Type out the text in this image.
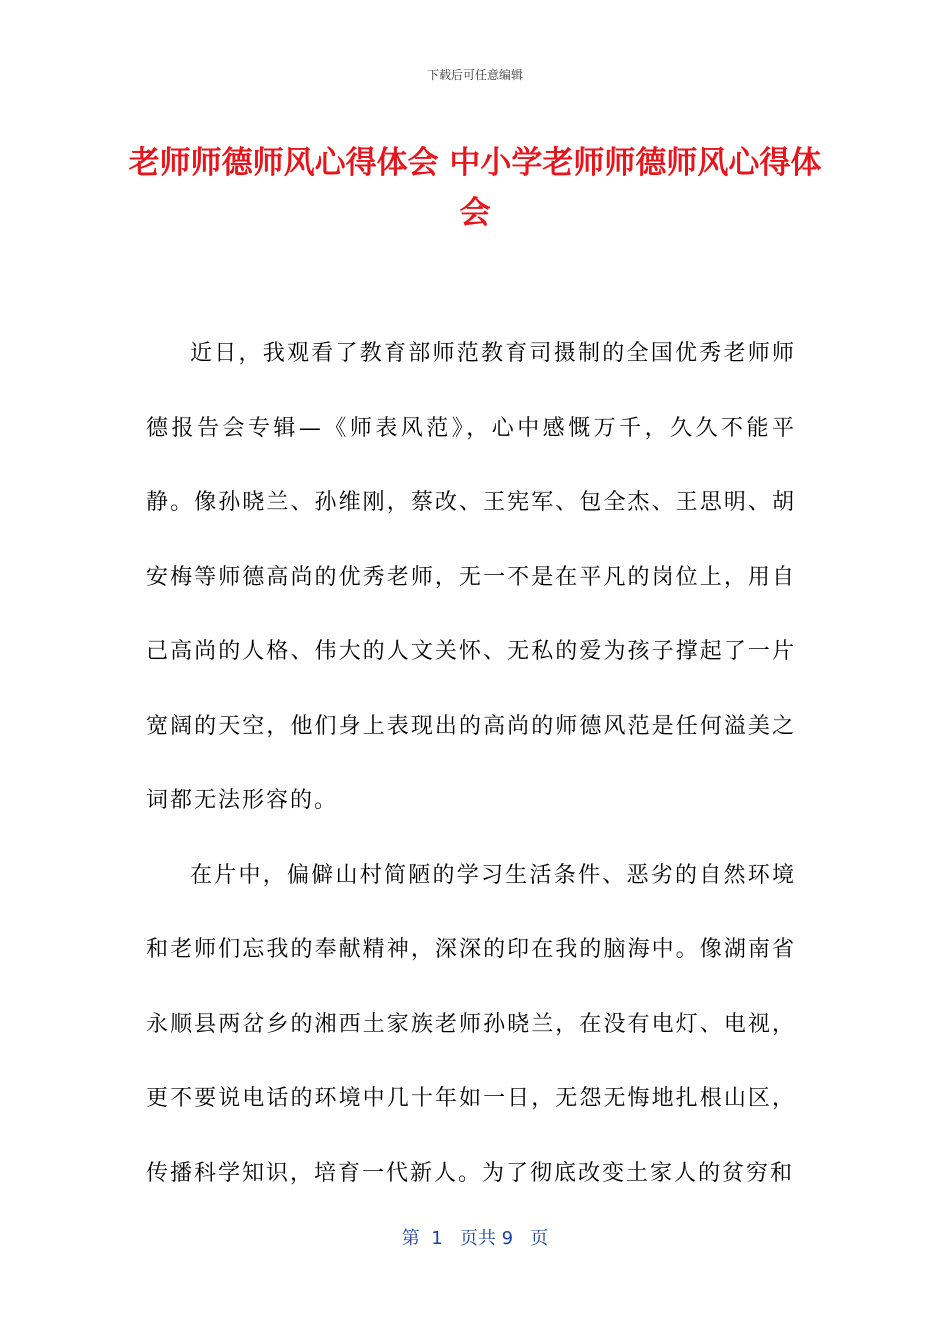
下载后可任意编辑
老师师德师风心得体会 中小学老师师德师风心得体会

近日，我观看了教育部师范教育司摄制的全国优秀老师师德报告会专辑—《师表风范》，心中感慨万千，久久不能平静。像孙晓兰、孙维刚，蔡改、王宪军、包全杰、王思明、胡安梅等师德高尚的优秀老师，无一不是在平凡的岗位上，用自己高尚的人格、伟大的人文关怀、无私的爱为孩子撑起了一片宽阔的天空，他们身上表现出的高尚的师德风范是任何溢美之词都无法形容的。

在片中，偏僻山村简陋的学习生活条件、恶劣的自然环境和老师们忘我的奉献精神，深深的印在我的脑海中。像湖南省永顺县两岔乡的湘西土家族老师孙晓兰，在没有电灯、电视，更不要说电话的环境中几十年如一日，无怨无悔地扎根山区，传播科学知识，培育一代新人。为了彻底改变土家人的贫穷和

第  1   页共 9   页
